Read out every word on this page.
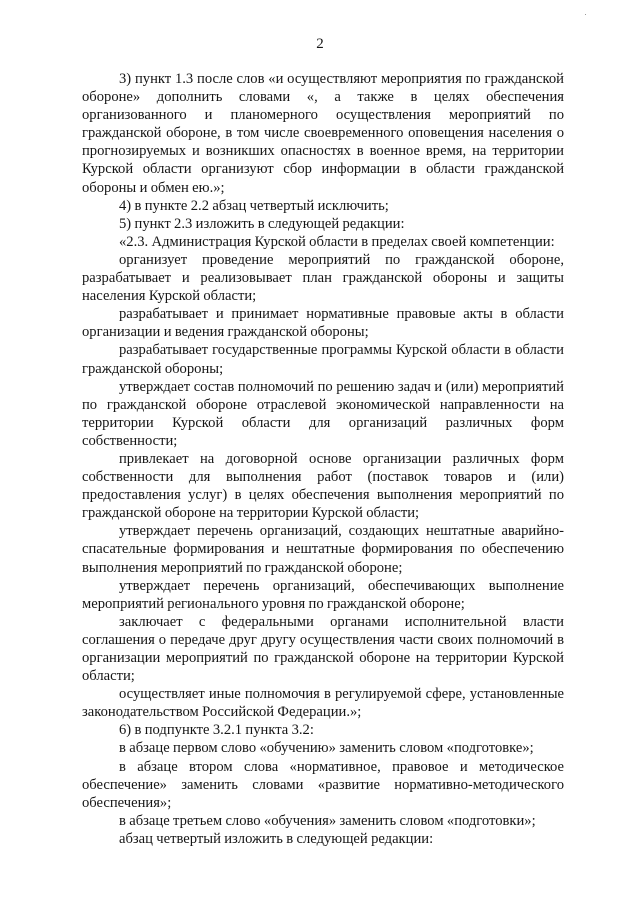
2

3) пункт 1.3 после слов «и осуществляют мероприятия по гражданской обороне» дополнить словами «, а также в целях обеспечения организованного и планомерного осуществления мероприятий по гражданской обороне, в том числе своевременного оповещения населения о прогнозируемых и возникших опасностях в военное время, на территории Курской области организуют сбор информации в области гражданской обороны и обмен ею.»;

4) в пункте 2.2 абзац четвертый исключить;

5) пункт 2.3 изложить в следующей редакции:

«2.3. Администрация Курской области в пределах своей компетенции:

организует проведение мероприятий по гражданской обороне, разрабатывает и реализовывает план гражданской обороны и защиты населения Курской области;

разрабатывает и принимает нормативные правовые акты в области организации и ведения гражданской обороны;

разрабатывает государственные программы Курской области в области гражданской обороны;

утверждает состав полномочий по решению задач и (или) мероприятий по гражданской обороне отраслевой экономической направленности на территории Курской области для организаций различных форм собственности;

привлекает на договорной основе организации различных форм собственности для выполнения работ (поставок товаров и (или) предоставления услуг) в целях обеспечения выполнения мероприятий по гражданской обороне на территории Курской области;

утверждает перечень организаций, создающих нештатные аварийно-спасательные формирования и нештатные формирования по обеспечению выполнения мероприятий по гражданской обороне;

утверждает перечень организаций, обеспечивающих выполнение мероприятий регионального уровня по гражданской обороне;

заключает с федеральными органами исполнительной власти соглашения о передаче друг другу осуществления части своих полномочий в организации мероприятий по гражданской обороне на территории Курской области;

осуществляет иные полномочия в регулируемой сфере, установленные законодательством Российской Федерации.»;

6) в подпункте 3.2.1 пункта 3.2:

в абзаце первом слово «обучению» заменить словом «подготовке»;

в абзаце втором слова «нормативное, правовое и методическое обеспечение» заменить словами «развитие нормативно-методического обеспечения»;

в абзаце третьем слово «обучения» заменить словом «подготовки»;

абзац четвертый изложить в следующей редакции:
